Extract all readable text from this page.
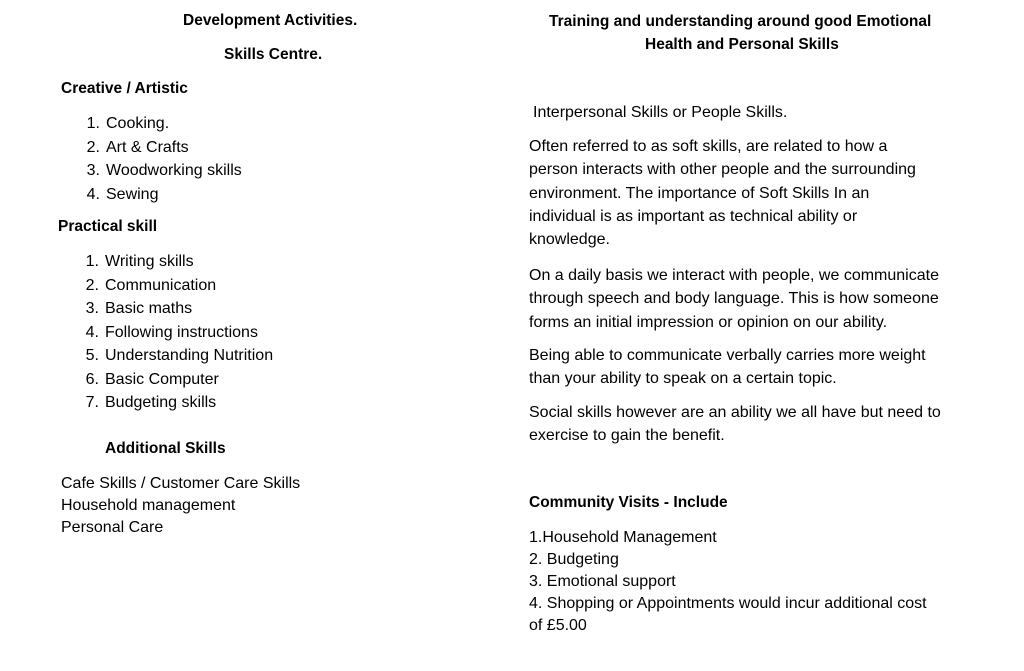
Development Activities.
Skills Centre.
Creative / Artistic
1. Cooking.
2. Art & Crafts
3. Woodworking skills
4. Sewing
Practical skill
1. Writing skills
2. Communication
3. Basic maths
4. Following instructions
5. Understanding Nutrition
6. Basic Computer
7. Budgeting skills
Additional Skills
Cafe Skills / Customer Care Skills
Household management
Personal Care
Training and understanding around good Emotional
Health and Personal Skills
Interpersonal Skills or People Skills.
Often referred to as soft skills, are related to how a
person interacts with other people and the surrounding
environment. The importance of Soft Skills In an
individual is as important as technical ability or
knowledge.
On a daily basis we interact with people, we communicate
through speech and body language. This is how someone
forms an initial impression or opinion on our ability.
Being able to communicate verbally carries more weight
than your ability to speak on a certain topic.
Social skills however are an ability we all have but need to
exercise to gain the benefit.
Community Visits - Include
1.Household Management
2. Budgeting
3. Emotional support
4. Shopping or Appointments would incur additional cost
of £5.00
